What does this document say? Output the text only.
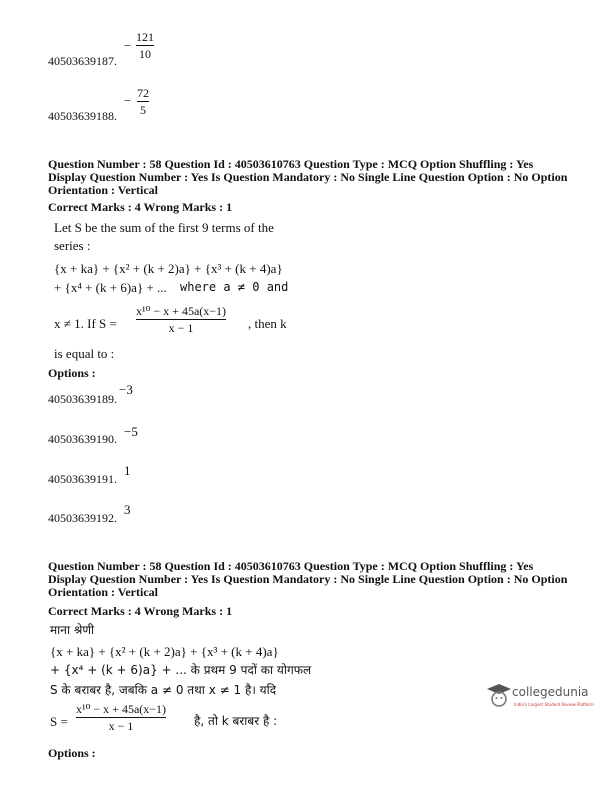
121
10
−
40503639187.
72
5
−
40503639188.
Question Number : 58 Question Id : 40503610763 Question Type : MCQ Option Shuffling : Yes
Display Question Number : Yes Is Question Mandatory : No Single Line Question Option : No Option
Orientation : Vertical
Correct Marks : 4 Wrong Marks : 1
Let S be the sum of the first 9 terms of the
series :
{x + ka} + {x² + (k + 2)a} + {x³ + (k + 4)a}
+ {x⁴ + (k + 6)a} + ... where a ≠ 0 and
x ≠ 1. If S =
x¹⁰ − x + 45a(x−1)
x − 1	, then k
is equal to :
Options :
40503639189.
−3
40503639190. −5
40503639191.
1
40503639192.
3
Question Number : 58 Question Id : 40503610763 Question Type : MCQ Option Shuffling : Yes
Display Question Number : Yes Is Question Mandatory : No Single Line Question Option : No Option
Orientation : Vertical
Correct Marks : 4 Wrong Marks : 1
माना श्रेणी
{x + ka} + {x² + (k + 2)a} + {x³ + (k + 4)a}
+ {x⁴ + (k + 6)a} + ... के प्रथम 9 पदों का योगफल
S के बराबर है, जबकि a ≠ 0 तथा x ≠ 1 है। यदि
S =
x¹⁰ − x + 45a(x−1)
x − 1	है, तो k बराबर है :
Options :
collegedunia
India's Largest Student Review Platform
